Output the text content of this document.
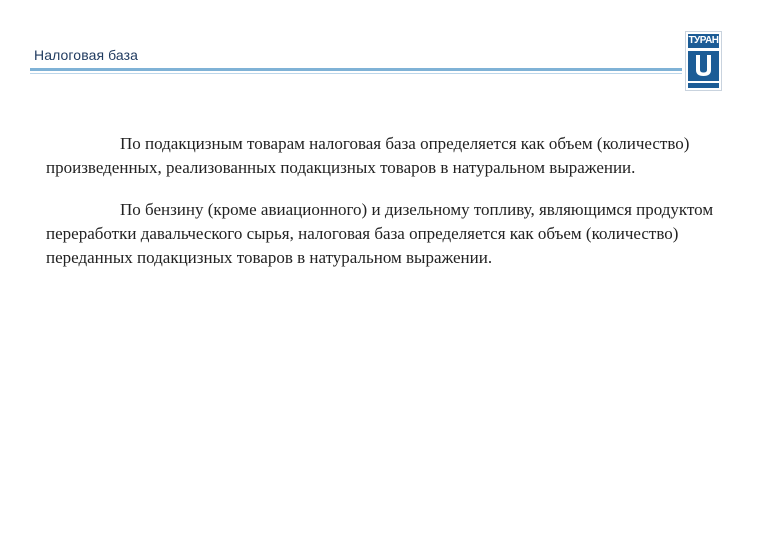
Налоговая база
ТУРАН

По подакцизным товарам налоговая база определяется как объем (количество) произведенных, реализованных подакцизных товаров в натуральном выражении.

По бензину (кроме авиационного) и дизельному топливу, являющимся продуктом переработки давальческого сырья, налоговая база определяется как объем (количество) переданных подакцизных товаров в натуральном выражении.
